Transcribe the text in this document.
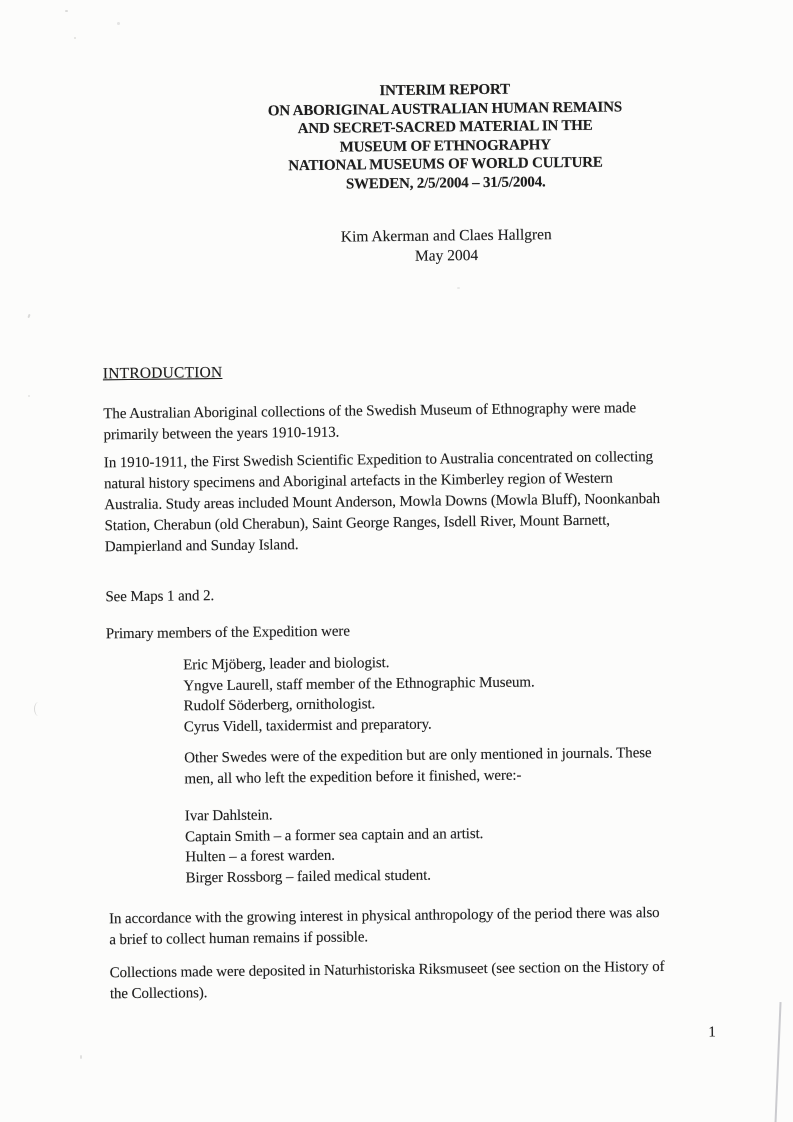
INTERIM REPORT
ON ABORIGINAL AUSTRALIAN HUMAN REMAINS
AND SECRET-SACRED MATERIAL IN THE
MUSEUM OF ETHNOGRAPHY
NATIONAL MUSEUMS OF WORLD CULTURE
SWEDEN, 2/5/2004 – 31/5/2004.
Kim Akerman and Claes Hallgren
May 2004
INTRODUCTION
The Australian Aboriginal collections of the Swedish Museum of Ethnography were made
primarily between the years 1910-1913.
In 1910-1911, the First Swedish Scientific Expedition to Australia concentrated on collecting
natural history specimens and Aboriginal artefacts in the Kimberley region of Western
Australia. Study areas included Mount Anderson, Mowla Downs (Mowla Bluff), Noonkanbah
Station, Cherabun (old Cherabun), Saint George Ranges, Isdell River, Mount Barnett,
Dampierland and Sunday Island.
See Maps 1 and 2.
Primary members of the Expedition were
Eric Mjöberg, leader and biologist.
Yngve Laurell, staff member of the Ethnographic Museum.
Rudolf Söderberg, ornithologist.
Cyrus Videll, taxidermist and preparatory.
Other Swedes were of the expedition but are only mentioned in journals. These
men, all who left the expedition before it finished, were:-
Ivar Dahlstein.
Captain Smith – a former sea captain and an artist.
Hulten – a forest warden.
Birger Rossborg – failed medical student.
In accordance with the growing interest in physical anthropology of the period there was also
a brief to collect human remains if possible.
Collections made were deposited in Naturhistoriska Riksmuseet (see section on the History of
the Collections).
1
